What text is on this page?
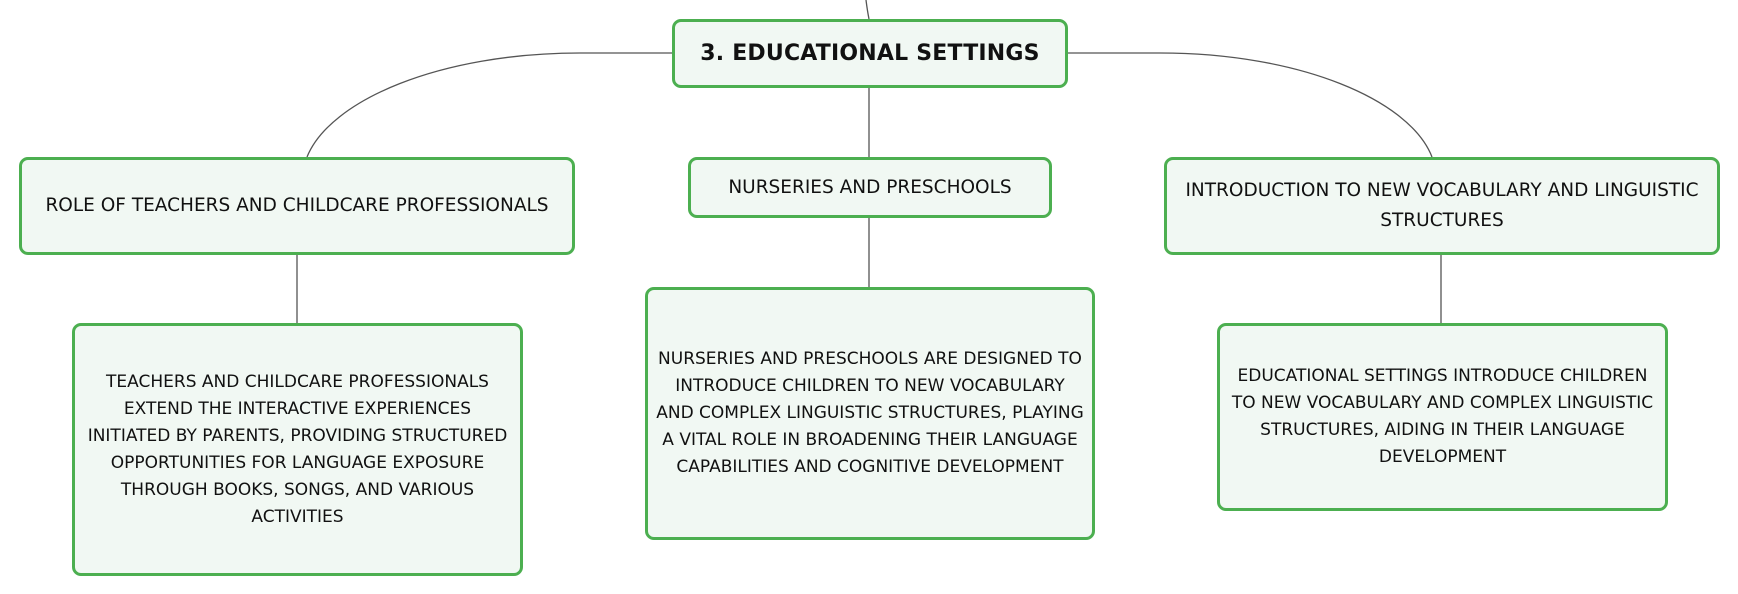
3. EDUCATIONAL SETTINGS
ROLE OF TEACHERS AND CHILDCARE PROFESSIONALS
NURSERIES AND PRESCHOOLS	INTRODUCTION TO NEW VOCABULARY AND LINGUISTIC STRUCTURES
TEACHERS AND CHILDCARE PROFESSIONALS EXTEND THE INTERACTIVE EXPERIENCES INITIATED BY PARENTS, PROVIDING STRUCTURED OPPORTUNITIES FOR LANGUAGE EXPOSURE THROUGH BOOKS, SONGS, AND VARIOUS ACTIVITIES
NURSERIES AND PRESCHOOLS ARE DESIGNED TO INTRODUCE CHILDREN TO NEW VOCABULARY AND COMPLEX LINGUISTIC STRUCTURES, PLAYING A VITAL ROLE IN BROADENING THEIR LANGUAGE CAPABILITIES AND COGNITIVE DEVELOPMENT
EDUCATIONAL SETTINGS INTRODUCE CHILDREN TO NEW VOCABULARY AND COMPLEX LINGUISTIC STRUCTURES, AIDING IN THEIR LANGUAGE DEVELOPMENT
